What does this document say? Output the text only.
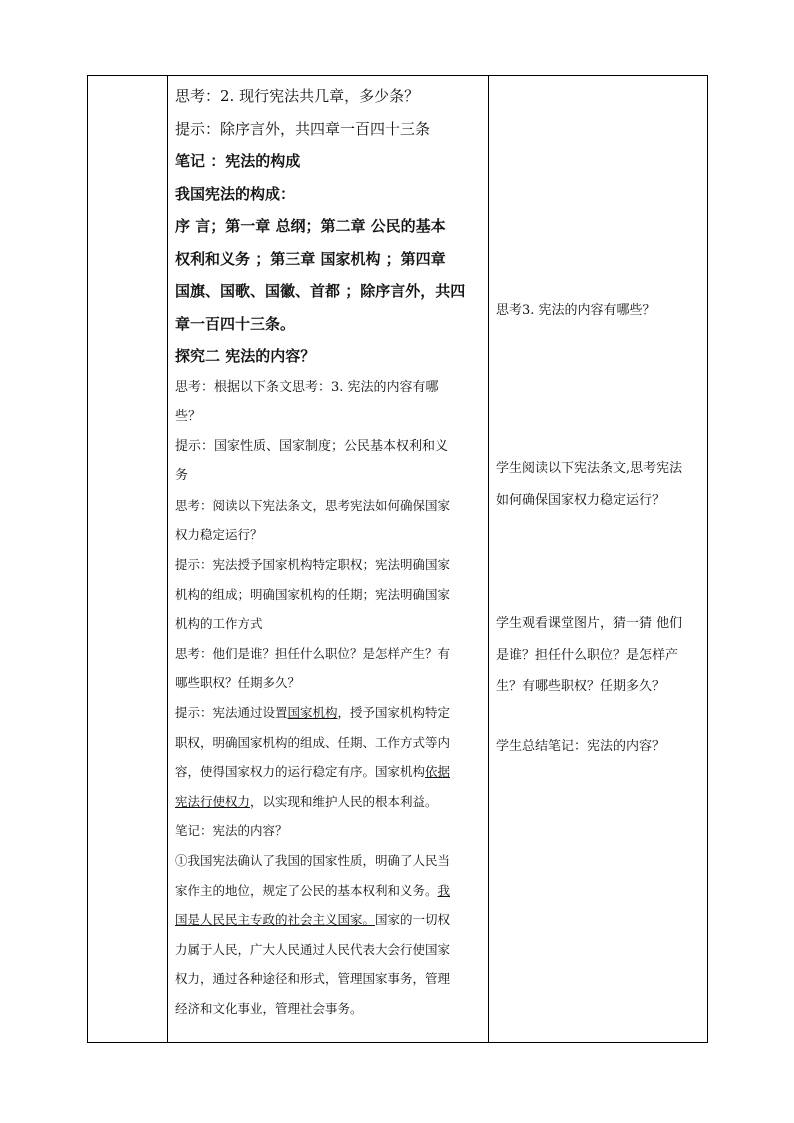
思考：2. 现行宪法共几章，多少条？
提示：除序言外，共四章一百四十三条
笔记 ：宪法的构成
我国宪法的构成：
序 言；第一章 总纲；第二章 公民的基本
权利和义务 ；第三章 国家机构 ；第四章
国旗、国歌、国徽、首都 ；除序言外，共四
章一百四十三条。
探究二 宪法的内容？
思考：根据以下条文思考：3. 宪法的内容有哪
些？
提示：国家性质、国家制度；公民基本权利和义
务
思考：阅读以下宪法条文，思考宪法如何确保国家
权力稳定运行？
提示：宪法授予国家机构特定职权；宪法明确国家
机构的组成；明确国家机构的任期；宪法明确国家
机构的工作方式
思考：他们是谁？担任什么职位？是怎样产生？有
哪些职权？任期多久？
提示：宪法通过设置国家机构，授予国家机构特定
职权，明确国家机构的组成、任期、工作方式等内
容，使得国家权力的运行稳定有序。国家机构依据
宪法行使权力，以实现和维护人民的根本利益。
笔记：宪法的内容？
①我国宪法确认了我国的国家性质，明确了人民当
家作主的地位，规定了公民的基本权利和义务。我
国是人民民主专政的社会主义国家。国家的一切权
力属于人民，广大人民通过人民代表大会行使国家
权力，通过各种途径和形式，管理国家事务，管理
经济和文化事业，管理社会事务。

思考3. 宪法的内容有哪些？
学生阅读以下宪法条文,思考宪法
如何确保国家权力稳定运行？
学生观看课堂图片，猜一猜 他们
是谁？担任什么职位？是怎样产
生？有哪些职权？任期多久？
学生总结笔记：宪法的内容？
